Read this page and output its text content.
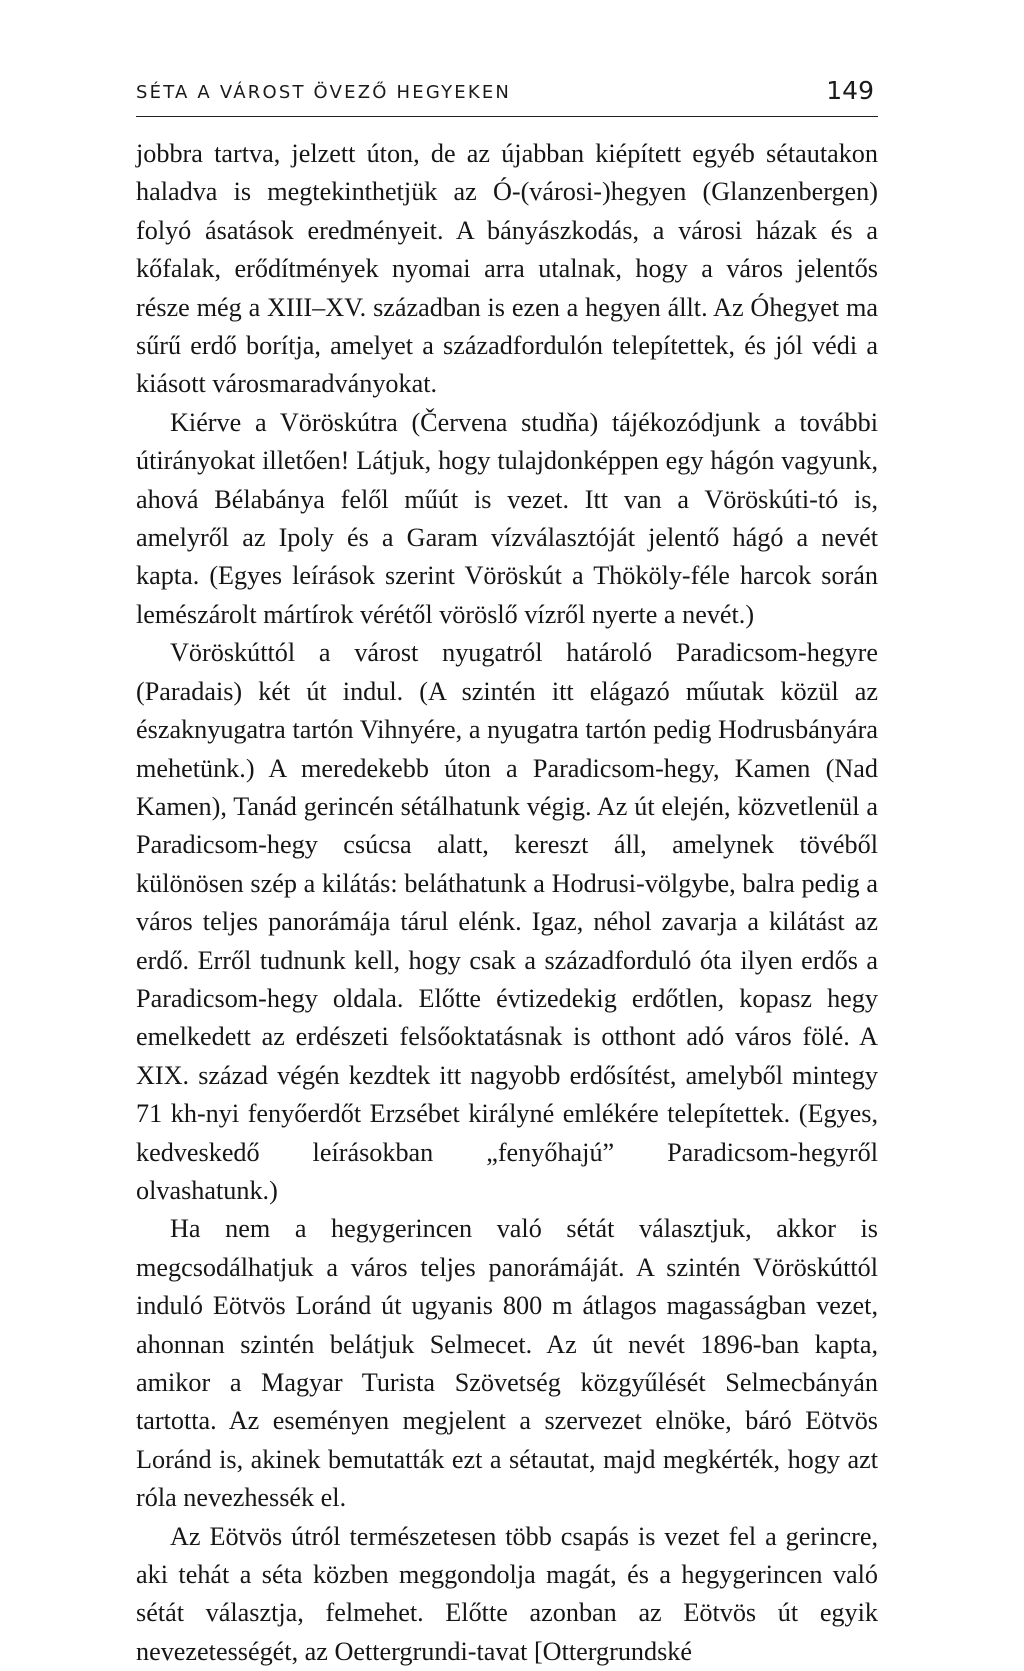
SÉTA A VÁROST ÖVEZŐ HEGYEKEN	149

jobbra tartva, jelzett úton, de az újabban kiépített egyéb sétautakon haladva is megtekinthetjük az Ó-(városi-)hegyen (Glanzenbergen) folyó ásatások eredményeit. A bányászkodás, a városi házak és a kőfalak, erődítmények nyomai arra utalnak, hogy a város jelentős része még a XIII–XV. században is ezen a hegyen állt. Az Óhegyet ma sűrű erdő borítja, amelyet a századfordulón telepítettek, és jól védi a kiásott városmaradványokat.

Kiérve a Vöröskútra (Červena studňa) tájékozódjunk a további útirányokat illetően! Látjuk, hogy tulajdonképpen egy hágón vagyunk, ahová Bélabánya felől műút is vezet. Itt van a Vöröskúti-tó is, amelyről az Ipoly és a Garam vízválasztóját jelentő hágó a nevét kapta. (Egyes leírások szerint Vöröskút a Thököly-féle harcok során lemészárolt mártírok vérétől vöröslő vízről nyerte a nevét.)

Vöröskúttól a várost nyugatról határoló Paradicsom-hegyre (Paradais) két út indul. (A szintén itt elágazó műutak közül az északnyugatra tartón Vihnyére, a nyugatra tartón pedig Hodrusbányára mehetünk.) A meredekebb úton a Paradicsom-hegy, Kamen (Nad Kamen), Tanád gerincén sétálhatunk végig. Az út elején, közvetlenül a Paradicsom-hegy csúcsa alatt, kereszt áll, amelynek tövéből különösen szép a kilátás: beláthatunk a Hodrusi-völgybe, balra pedig a város teljes panorámája tárul elénk. Igaz, néhol zavarja a kilátást az erdő. Erről tudnunk kell, hogy csak a századforduló óta ilyen erdős a Paradicsom-hegy oldala. Előtte évtizedekig erdőtlen, kopasz hegy emelkedett az erdészeti felsőoktatásnak is otthont adó város fölé. A XIX. század végén kezdtek itt nagyobb erdősítést, amelyből mintegy 71 kh-nyi fenyőerdőt Erzsébet királyné emlékére telepítettek. (Egyes, kedveskedő leírásokban „fenyőhajú” Paradicsom-hegyről olvashatunk.)

Ha nem a hegygerincen való sétát választjuk, akkor is megcsodálhatjuk a város teljes panorámáját. A szintén Vöröskúttól induló Eötvös Loránd út ugyanis 800 m átlagos magasságban vezet, ahonnan szintén belátjuk Selmecet. Az út nevét 1896-ban kapta, amikor a Magyar Turista Szövetség közgyűlését Selmecbányán tartotta. Az eseményen megjelent a szervezet elnöke, báró Eötvös Loránd is, akinek bemutatták ezt a sétautat, majd megkérték, hogy azt róla nevezhessék el.

Az Eötvös útról természetesen több csapás is vezet fel a gerincre, aki tehát a séta közben meggondolja magát, és a hegygerincen való sétát választja, felmehet. Előtte azonban az Eötvös út egyik nevezetességét, az Oettergrundi-tavat [Ottergrundské
